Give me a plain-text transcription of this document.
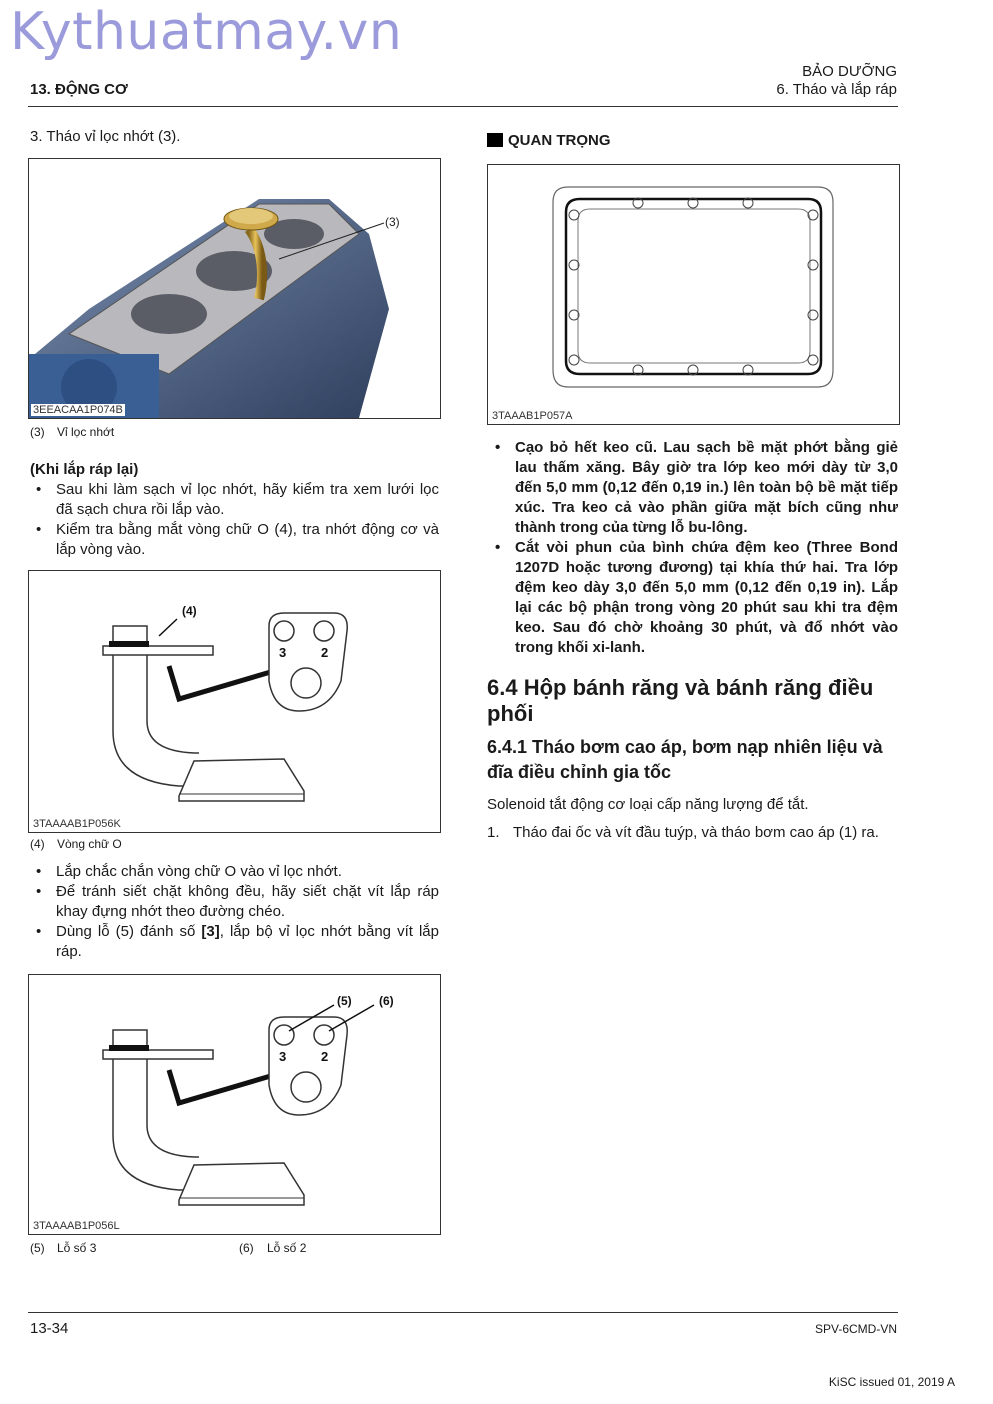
Kythuatmay.vn
BẢO DƯỠNG
6. Tháo và lắp ráp
13. ĐỘNG CƠ
3. Tháo vỉ lọc nhớt (3).
(3)
3EEACAA1P074B
(3) Vỉ lọc nhớt
(Khi lắp ráp lại)
• Sau khi làm sạch vỉ lọc nhớt, hãy kiểm tra xem lưới lọc đã sạch chưa rồi lắp vào.
• Kiểm tra bằng mắt vòng chữ O (4), tra nhớt động cơ và lắp vòng vào.
(4)
3	2
3TAAAAB1P056K
(4) Vòng chữ O
• Lắp chắc chắn vòng chữ O vào vỉ lọc nhớt.
• Để tránh siết chặt không đều, hãy siết chặt vít lắp ráp khay đựng nhớt theo đường chéo.
• Dùng lỗ (5) đánh số [3], lắp bộ vỉ lọc nhớt bằng vít lắp ráp.
3	2
(5) (6)
3TAAAAB1P056L
(5) Lỗ số 3	(6) Lỗ số 2
QUAN TRỌNG
3TAAAB1P057A
• Cạo bỏ hết keo cũ. Lau sạch bề mặt phớt bằng giẻ lau thấm xăng. Bây giờ tra lớp keo mới dày từ 3,0 đến 5,0 mm (0,12 đến 0,19 in.) lên toàn bộ bề mặt tiếp xúc. Tra keo cả vào phần giữa mặt bích cũng như thành trong của từng lỗ bu-lông.
• Cắt vòi phun của bình chứa đệm keo (Three Bond 1207D hoặc tương đương) tại khía thứ hai. Tra lớp đệm keo dày 3,0 đến 5,0 mm (0,12 đến 0,19 in). Lắp lại các bộ phận trong vòng 20 phút sau khi tra đệm keo. Sau đó chờ khoảng 30 phút, và đổ nhớt vào trong khối xi-lanh.
6.4 Hộp bánh răng và bánh răng điều phối
6.4.1 Tháo bơm cao áp, bơm nạp nhiên liệu và đĩa điều chỉnh gia tốc
Solenoid tắt động cơ loại cấp năng lượng để tắt.
1. Tháo đai ốc và vít đầu tuýp, và tháo bơm cao áp (1) ra.
13-34	SPV-6CMD-VN
KiSC issued 01, 2019 A
